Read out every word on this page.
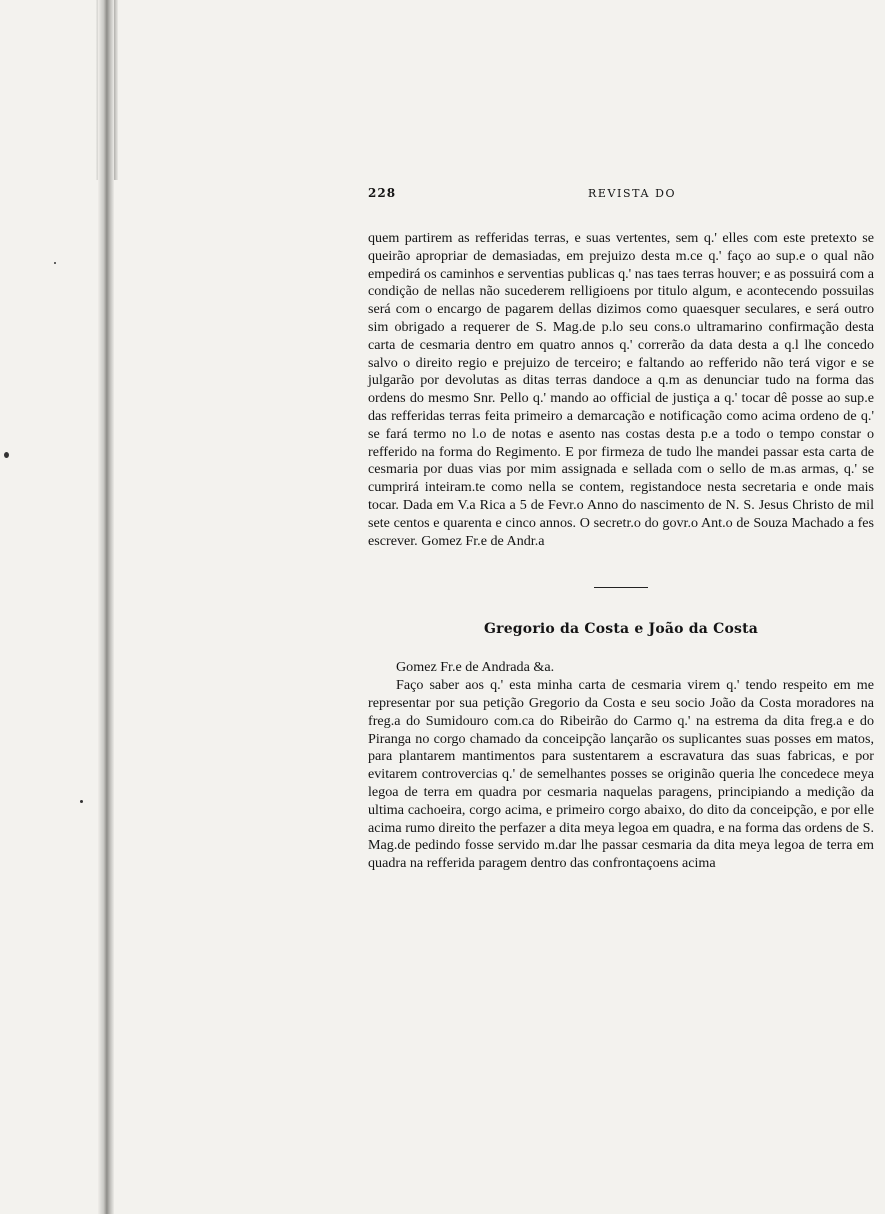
228	REVISTA DO

quem partirem as refferidas terras, e suas vertentes, sem q.' elles com este pretexto se queirão apropriar de demasiadas, em prejuizo desta m.ce q.' faço ao sup.e o qual não empedirá os caminhos e serventias publicas q.' nas taes terras houver; e as possuirá com a condição de nellas não sucederem relligioens por titulo algum, e acontecendo possuilas será com o encargo de pagarem dellas dizimos como quaesquer seculares, e será outro sim obrigado a requerer de S. Mag.de p.lo seu cons.o ultramarino confirmação desta carta de cesmaria dentro em quatro annos q.' correrão da data desta a q.l lhe concedo salvo o direito regio e prejuizo de terceiro; e faltando ao refferido não terá vigor e se julgarão por devolutas as ditas terras dandoce a q.m as denunciar tudo na forma das ordens do mesmo Snr. Pello q.' mando ao official de justiça a q.' tocar dê posse ao sup.e das refferidas terras feita primeiro a demarcação e notificação como acima ordeno de q.' se fará termo no l.o de notas e asento nas costas desta p.e a todo o tempo constar o refferido na forma do Regimento. E por firmeza de tudo lhe mandei passar esta carta de cesmaria por duas vias por mim assignada e sellada com o sello de m.as armas, q.' se cumprirá inteiram.te como nella se contem, registandoce nesta secretaria e onde mais tocar. Dada em V.a Rica a 5 de Fevr.o Anno do nascimento de N. S. Jesus Christo de mil sete centos e quarenta e cinco annos. O secretr.o do govr.o Ant.o de Souza Machado a fes escrever. Gomez Fr.e de Andr.a

Gregorio da Costa e João da Costa

Gomez Fr.e de Andrada &a.

Faço saber aos q.' esta minha carta de cesmaria virem q.' tendo respeito em me representar por sua petição Gregorio da Costa e seu socio João da Costa moradores na freg.a do Sumidouro com.ca do Ribeirão do Carmo q.' na estrema da dita freg.a e do Piranga no corgo chamado da conceipção lançarão os suplicantes suas posses em matos, para plantarem mantimentos para sustentarem a escravatura das suas fabricas, e por evitarem controvercias q.' de semelhantes posses se originão queria lhe concedece meya legoa de terra em quadra por cesmaria naquelas paragens, principiando a medição da ultima cachoeira, corgo acima, e primeiro corgo abaixo, do dito da conceipção, e por elle acima rumo direito the perfazer a dita meya legoa em quadra, e na forma das ordens de S. Mag.de pedindo fosse servido m.dar lhe passar cesmaria da dita meya legoa de terra em quadra na refferida paragem dentro das confrontaçoens acima
